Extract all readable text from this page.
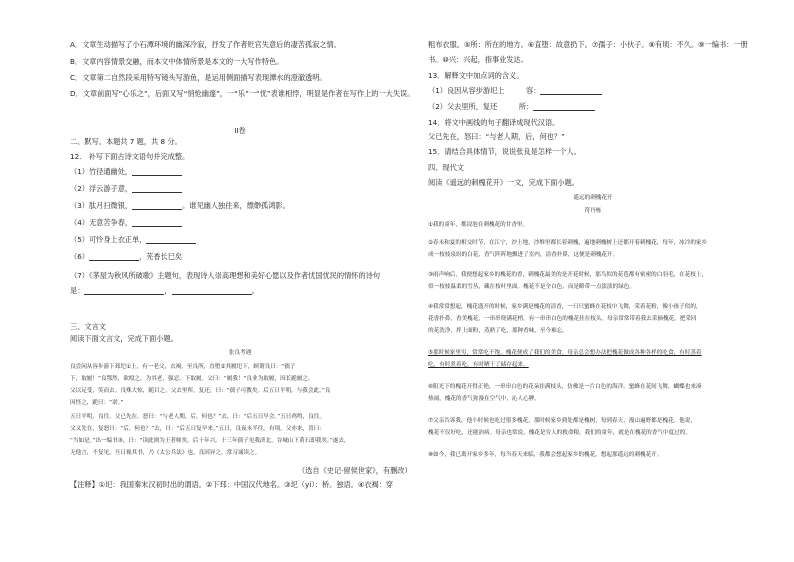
A．文章生动描写了小石潭环境的幽深冷寂，抒发了作者贬官失意后的凄苦孤寂之情。
B．文章内容情景交融，而本文中体情所景是本文的一大写作特色。
C．文章第二自然段采用特写镜头写游鱼，是运用侧面描写表现潭水的澄澈透明。
D．文章前面写“心乐之”，后面又写“悄怆幽邃”，一“乐”一“忧”表谁相悖，明显是作者在写作上的一大失误。
II卷
二、默写。本题共 7 题，共 8 分。
12.　补写下面古诗文语句并完成整。
（1）竹径通幽处，
（2）浮云游子意，
（3）肽月扫微银，	。谁见幽人独往来，缥缈孤鸿影。
（4）无意苦争春，
（5）可怜身上衣正单，
（6）	，芜香长巳矣
（7）《茅屋为秋风所破歌》主题句，表现诗人崇高理想和美好心愿以及作者忧国忧民的情怀的诗句
是：	，	。
三、文言文
阅读下面文言文，完成下面小题。
张良考遇
良尝闲从容步游下邳圯①上，有一老父，衣褐，至良所，直堕②其履圯下，顾谓良曰：“孺子
下，取履！”良鄂然，欲殴之。为其老，强忍，下取履。父曰：“履我！”良业为取履，因长跪履之。
父以足受，笑而去。良殊大惊，随目之。父去里所，复还，曰：“孺子可教矣。后五日平明，与我会此。”良
因怪之，跪曰：“诺。”
五日平明，良往。父已先在，怒曰：“与老人期，后，何也？”去，曰：“后五日早会。”五日鸡鸣，良往。
父又先在，复怒曰：“后，何也？”去，曰：“后五日复早来。”五日，良夜未半往。有顷，父亦来，喜曰：
“当如是。”出一编书③，曰：“读此则为王者师矣。后十年兴。十三年孺子见我济北，谷城山下黄石即我矣。”遂去，
无他言，不复见。旦日视其书，乃《太公兵法》也。良因异之，常习诵读之。
（选自《史记·留侯世家》，有删改）
【注释】①圯：我国秦末汉初时出的谓语。②下邳：中国汉代地名。③圯（yí）：桥。独语。④衣褐：穿
粗布衣服。⑤所：所在的地方。⑥直堕：故意扔下。⑦孺子：小伙子。⑧有顷：不久。⑨一编书：一册
书。⑩兴：兴起，指事业发达。
13．解释文中加点词的含义。
（1）良因从容步游圯上　　　容：
（2）父去里所，复还　　　所：
14．将文中画线的句子翻译成现代汉语。
父已先在，怒曰：“与老人期，后，何也？”
15．请结合具体情节，说说张良是怎样一个人。
四、现代文
阅读《遥远的刺槐花开》一文，完成下面小题。
遥远的刺槐花开
符丹栋
①我的童年，都浸泡在刺槐花的甘香里。
②春未和夏的相交时节，在江宁，沙土地，沙堆里都长着刺槐，遍地刺槐树上还都开着刺槐花，每年，冰冷的家乡
成一枝枝泉纷的白花，香气阵阵地飘进了室内，清香扑鼻，这便是刺槐花开。
③雨声响后，我便想起家乡的槐花的香，刺槐花最美的是开花时候，那鸟似的花苞都有密密的白羽毛，在花枝上，
似一枝枝温柔的雪丛，藏在枝叶里面。槐花不是全白色，而是略带一点淡淡的绿色。
④我常常想起，槐花盛开的时候，家乡满是槐花的清香，一只只蜜蜂在花枝中飞舞，采着花粉，像小孩子似的，
花香扑鼻，香美槐花，一串串绕满花梢。有一串串白色的槐花挂在枝头。母亲常常带着我去采摘槐花，把采回
的花洗净，拌上面粉，蒸熟了吃，那种香味，至今难忘。
⑤那时候家里穷，常常吃不饱，槐花便成了我们的美食。母亲总会想办法把槐花做成各种各样的吃食，有时蒸着
吃，有时煮着吃，有时晒干了储存起来。
⑥阳光下的槐花开得正艳，一串串白色的花朵挂满枝头，仿佛是一片白色的海洋。蜜蜂在花间飞舞，蝴蝶也来凑
热闹。槐花的香气弥漫在空气中，沁人心脾。
⑦父亲告诉我，他小时候也吃过很多槐花，那时候家乡到处都是槐树，每到春天，漫山遍野都是槐花。他说，
槐花不仅好吃，还能治病。母亲也常说，槐花是穷人的救命粮。我们的童年，就是在槐花的香气中度过的。
⑧如今，我已离开家乡多年，每当春天来临，我都会想起家乡的槐花，想起那遥远的刺槐花开。
